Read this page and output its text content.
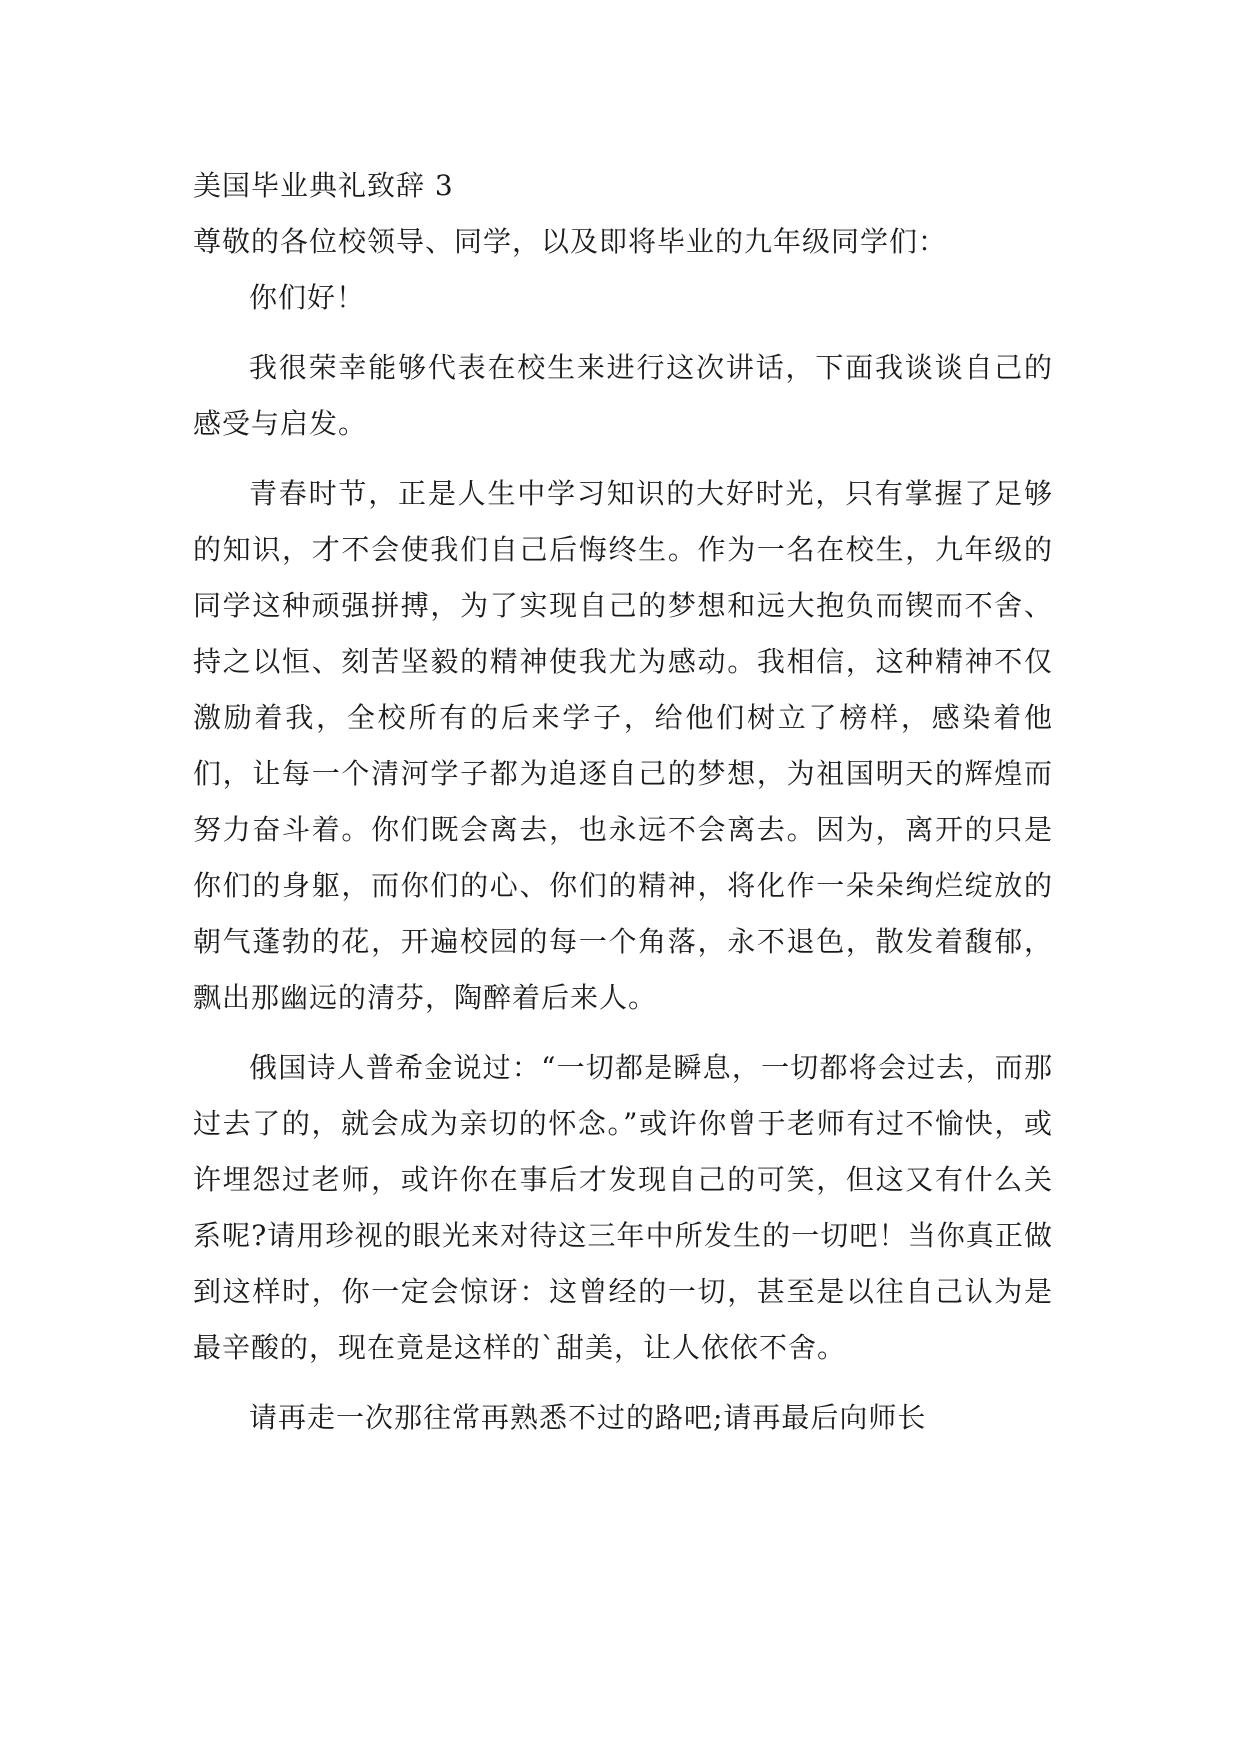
美国毕业典礼致辞 3

尊敬的各位校领导、同学，以及即将毕业的九年级同学们：

你们好！

我很荣幸能够代表在校生来进行这次讲话，下面我谈谈自己的感受与启发。

青春时节，正是人生中学习知识的大好时光，只有掌握了足够的知识，才不会使我们自己后悔终生。作为一名在校生，九年级的同学这种顽强拼搏，为了实现自己的梦想和远大抱负而锲而不舍、持之以恒、刻苦坚毅的精神使我尤为感动。我相信，这种精神不仅激励着我，全校所有的后来学子，给他们树立了榜样，感染着他们，让每一个清河学子都为追逐自己的梦想，为祖国明天的辉煌而努力奋斗着。你们既会离去，也永远不会离去。因为，离开的只是你们的身躯，而你们的心、你们的精神，将化作一朵朵绚烂绽放的朝气蓬勃的花，开遍校园的每一个角落，永不退色，散发着馥郁，飘出那幽远的清芬，陶醉着后来人。

俄国诗人普希金说过：“一切都是瞬息，一切都将会过去，而那过去了的，就会成为亲切的怀念。”或许你曾于老师有过不愉快，或许埋怨过老师，或许你在事后才发现自己的可笑，但这又有什么关系呢?请用珍视的眼光来对待这三年中所发生的一切吧！当你真正做到这样时，你一定会惊讶：这曾经的一切，甚至是以往自己认为是最辛酸的，现在竟是这样的`甜美，让人依依不舍。

请再走一次那往常再熟悉不过的路吧;请再最后向师长
